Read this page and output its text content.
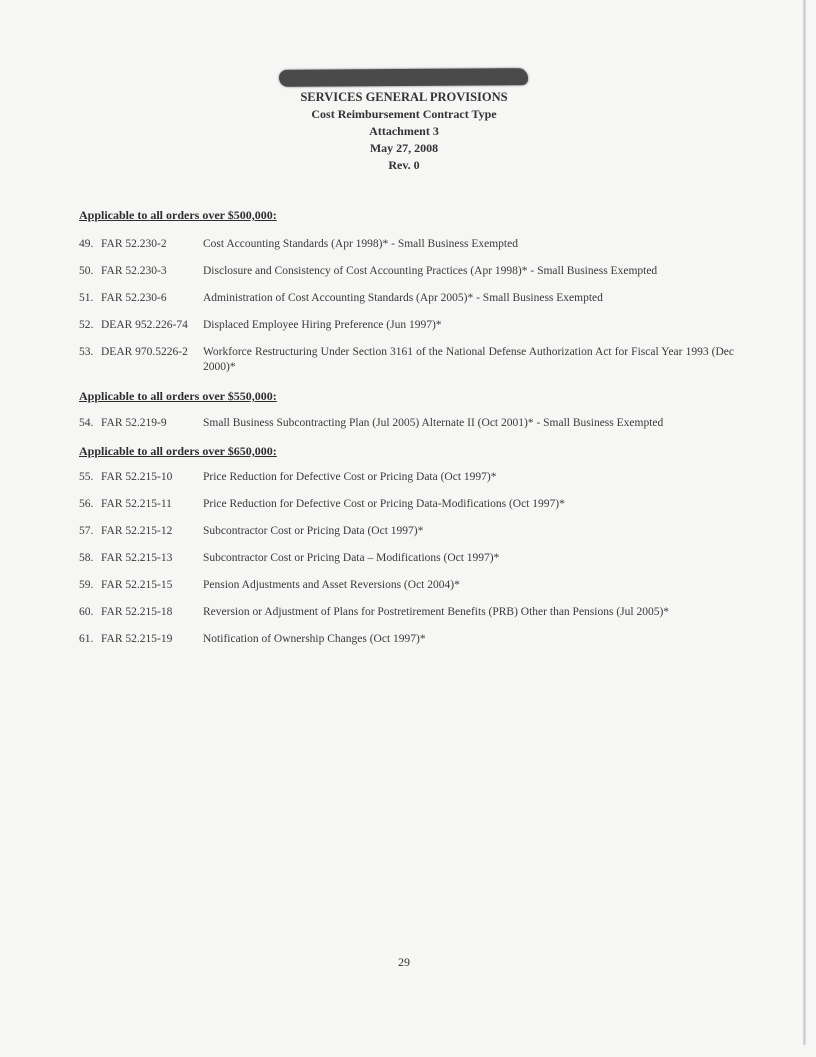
SERVICES GENERAL PROVISIONS
Cost Reimbursement Contract Type
Attachment 3
May 27, 2008
Rev. 0
Applicable to all orders over $500,000:
49. FAR 52.230-2	Cost Accounting Standards (Apr 1998)* - Small Business Exempted
50. FAR 52.230-3	Disclosure and Consistency of Cost Accounting Practices (Apr 1998)* - Small Business Exempted
51. FAR 52.230-6	Administration of Cost Accounting Standards (Apr 2005)* - Small Business Exempted
52. DEAR 952.226-74 Displaced Employee Hiring Preference (Jun 1997)*
53. DEAR 970.5226-2 Workforce Restructuring Under Section 3161 of the National Defense Authorization Act for Fiscal Year 1993 (Dec 2000)*
Applicable to all orders over $550,000:
54. FAR 52.219-9	Small Business Subcontracting Plan (Jul 2005) Alternate II (Oct 2001)* - Small Business Exempted
Applicable to all orders over $650,000:
55. FAR 52.215-10	Price Reduction for Defective Cost or Pricing Data (Oct 1997)*
56. FAR 52.215-11	Price Reduction for Defective Cost or Pricing Data-Modifications (Oct 1997)*
57. FAR 52.215-12	Subcontractor Cost or Pricing Data (Oct 1997)*
58. FAR 52.215-13	Subcontractor Cost or Pricing Data – Modifications (Oct 1997)*
59. FAR 52.215-15	Pension Adjustments and Asset Reversions (Oct 2004)*
60. FAR 52.215-18	Reversion or Adjustment of Plans for Postretirement Benefits (PRB) Other than Pensions (Jul 2005)*
61. FAR 52.215-19	Notification of Ownership Changes (Oct 1997)*
29
